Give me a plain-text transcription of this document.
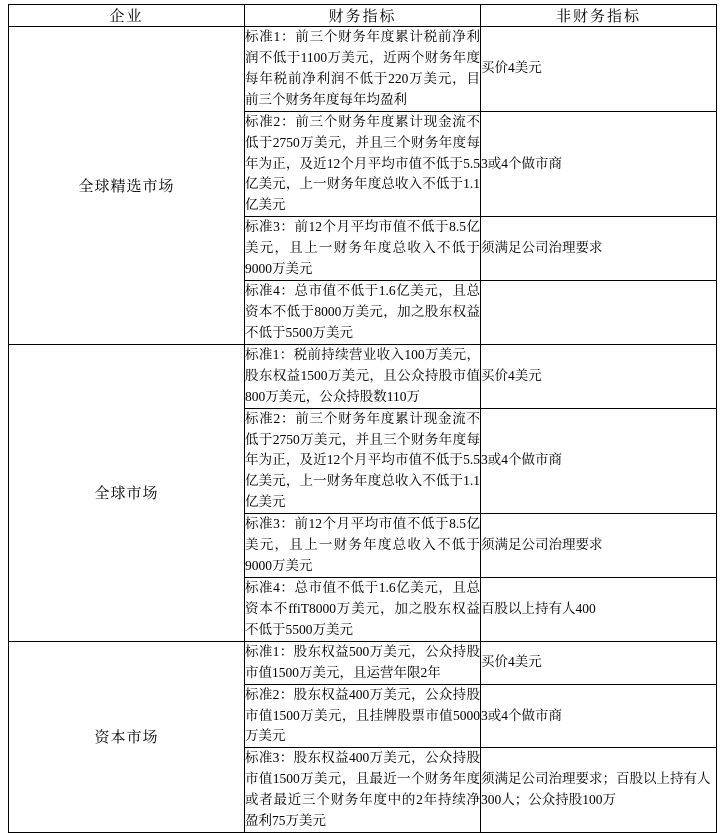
企业	财务指标	非财务指标
全球精选市场	标准1：前三个财务年度累计税前净利润不低于1100万美元，近两个财务年度每年税前净利润不低于220万美元，目前三个财务年度每年均盈利	买价4美元
	标准2：前三个财务年度累计现金流不低于2750万美元，并且三个财务年度每年为正，及近12个月平均市值不低于5.5亿美元，上一财务年度总收入不低于1.1亿美元	3或4个做市商
	标准3：前12个月平均市值不低于8.5亿美元，且上一财务年度总收入不低于9000万美元	须满足公司治理要求
	标准4：总市值不低于1.6亿美元，且总资本不低于8000万美元，加之股东权益不低于5500万美元	
全球市场	标准1：税前持续营业收入100万美元，股东权益1500万美元，且公众持股市值800万美元，公众持股数110万	买价4美元
	标准2：前三个财务年度累计现金流不低于2750万美元，并且三个财务年度每年为正，及近12个月平均市值不低于5.5亿美元，上一财务年度总收入不低于1.1亿美元	3或4个做市商
	标准3：前12个月平均市值不低于8.5亿美元，且上一财务年度总收入不低于9000万美元	须满足公司治理要求
	标准4：总市值不低于1.6亿美元，且总资本不ffiT8000万美元，加之股东权益不低于5500万美元	百股以上持有人400
资本市场	标准1：股东权益500万美元，公众持股市值1500万美元，且运营年限2年	买价4美元
	标准2：股东权益400万美元，公众持股市值1500万美元，且挂牌股票市值5000万美元	3或4个做市商
	标准3：股东权益400万美元，公众持股市值1500万美元，且最近一个财务年度或者最近三个财务年度中的2年持续净盈利75万美元	须满足公司治理要求；百股以上持有人300人；公众持股100万
